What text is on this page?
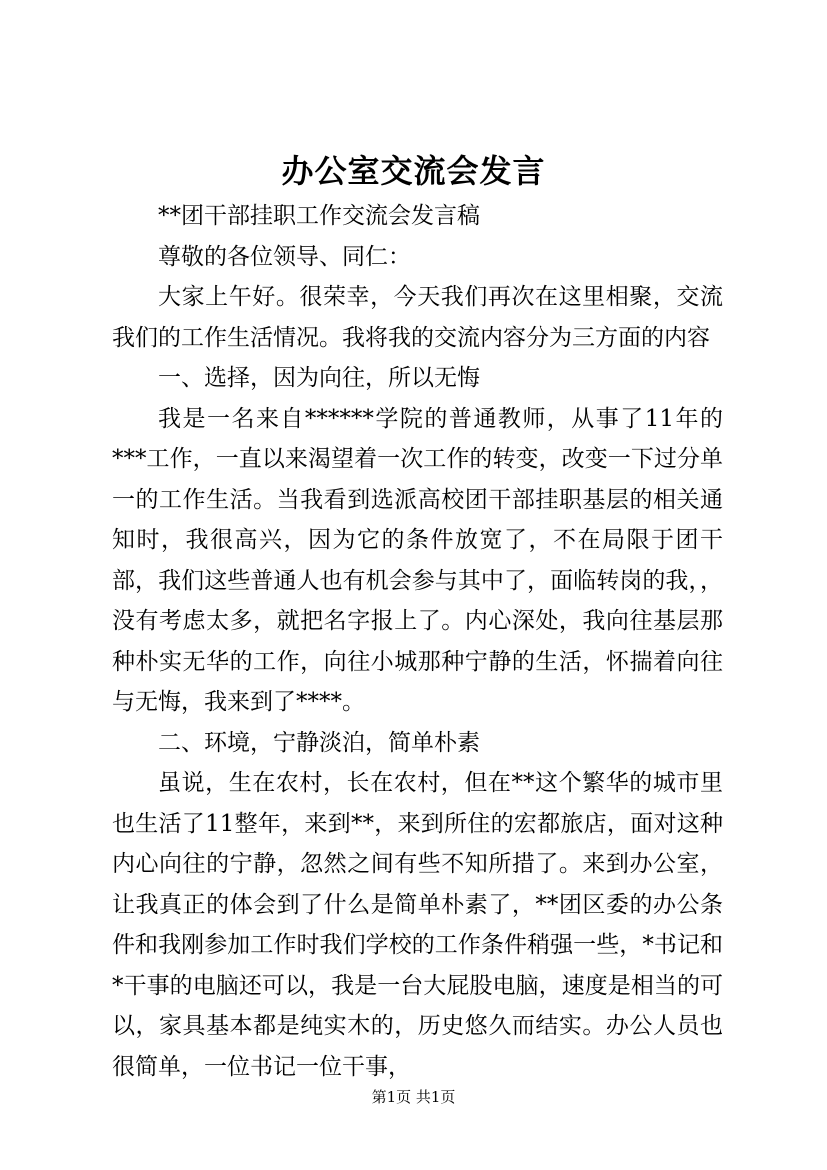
办公室交流会发言

**团干部挂职工作交流会发言稿

尊敬的各位领导、同仁：

大家上午好。很荣幸，今天我们再次在这里相聚，交流我们的工作生活情况。我将我的交流内容分为三方面的内容

一、选择，因为向往，所以无悔

我是一名来自******学院的普通教师，从事了11年的***工作，一直以来渴望着一次工作的转变，改变一下过分单一的工作生活。当我看到选派高校团干部挂职基层的相关通知时，我很高兴，因为它的条件放宽了，不在局限于团干部，我们这些普通人也有机会参与其中了，面临转岗的我，，没有考虑太多，就把名字报上了。内心深处，我向往基层那种朴实无华的工作，向往小城那种宁静的生活，怀揣着向往与无悔，我来到了****。

二、环境，宁静淡泊，简单朴素

虽说，生在农村，长在农村，但在**这个繁华的城市里也生活了11整年，来到**，来到所住的宏都旅店，面对这种内心向往的宁静，忽然之间有些不知所措了。来到办公室，让我真正的体会到了什么是简单朴素了，**团区委的办公条件和我刚参加工作时我们学校的工作条件稍强一些，*书记和*干事的电脑还可以，我是一台大屁股电脑，速度是相当的可以，家具基本都是纯实木的，历史悠久而结实。办公人员也很简单，一位书记一位干事，

第1页 共1页
